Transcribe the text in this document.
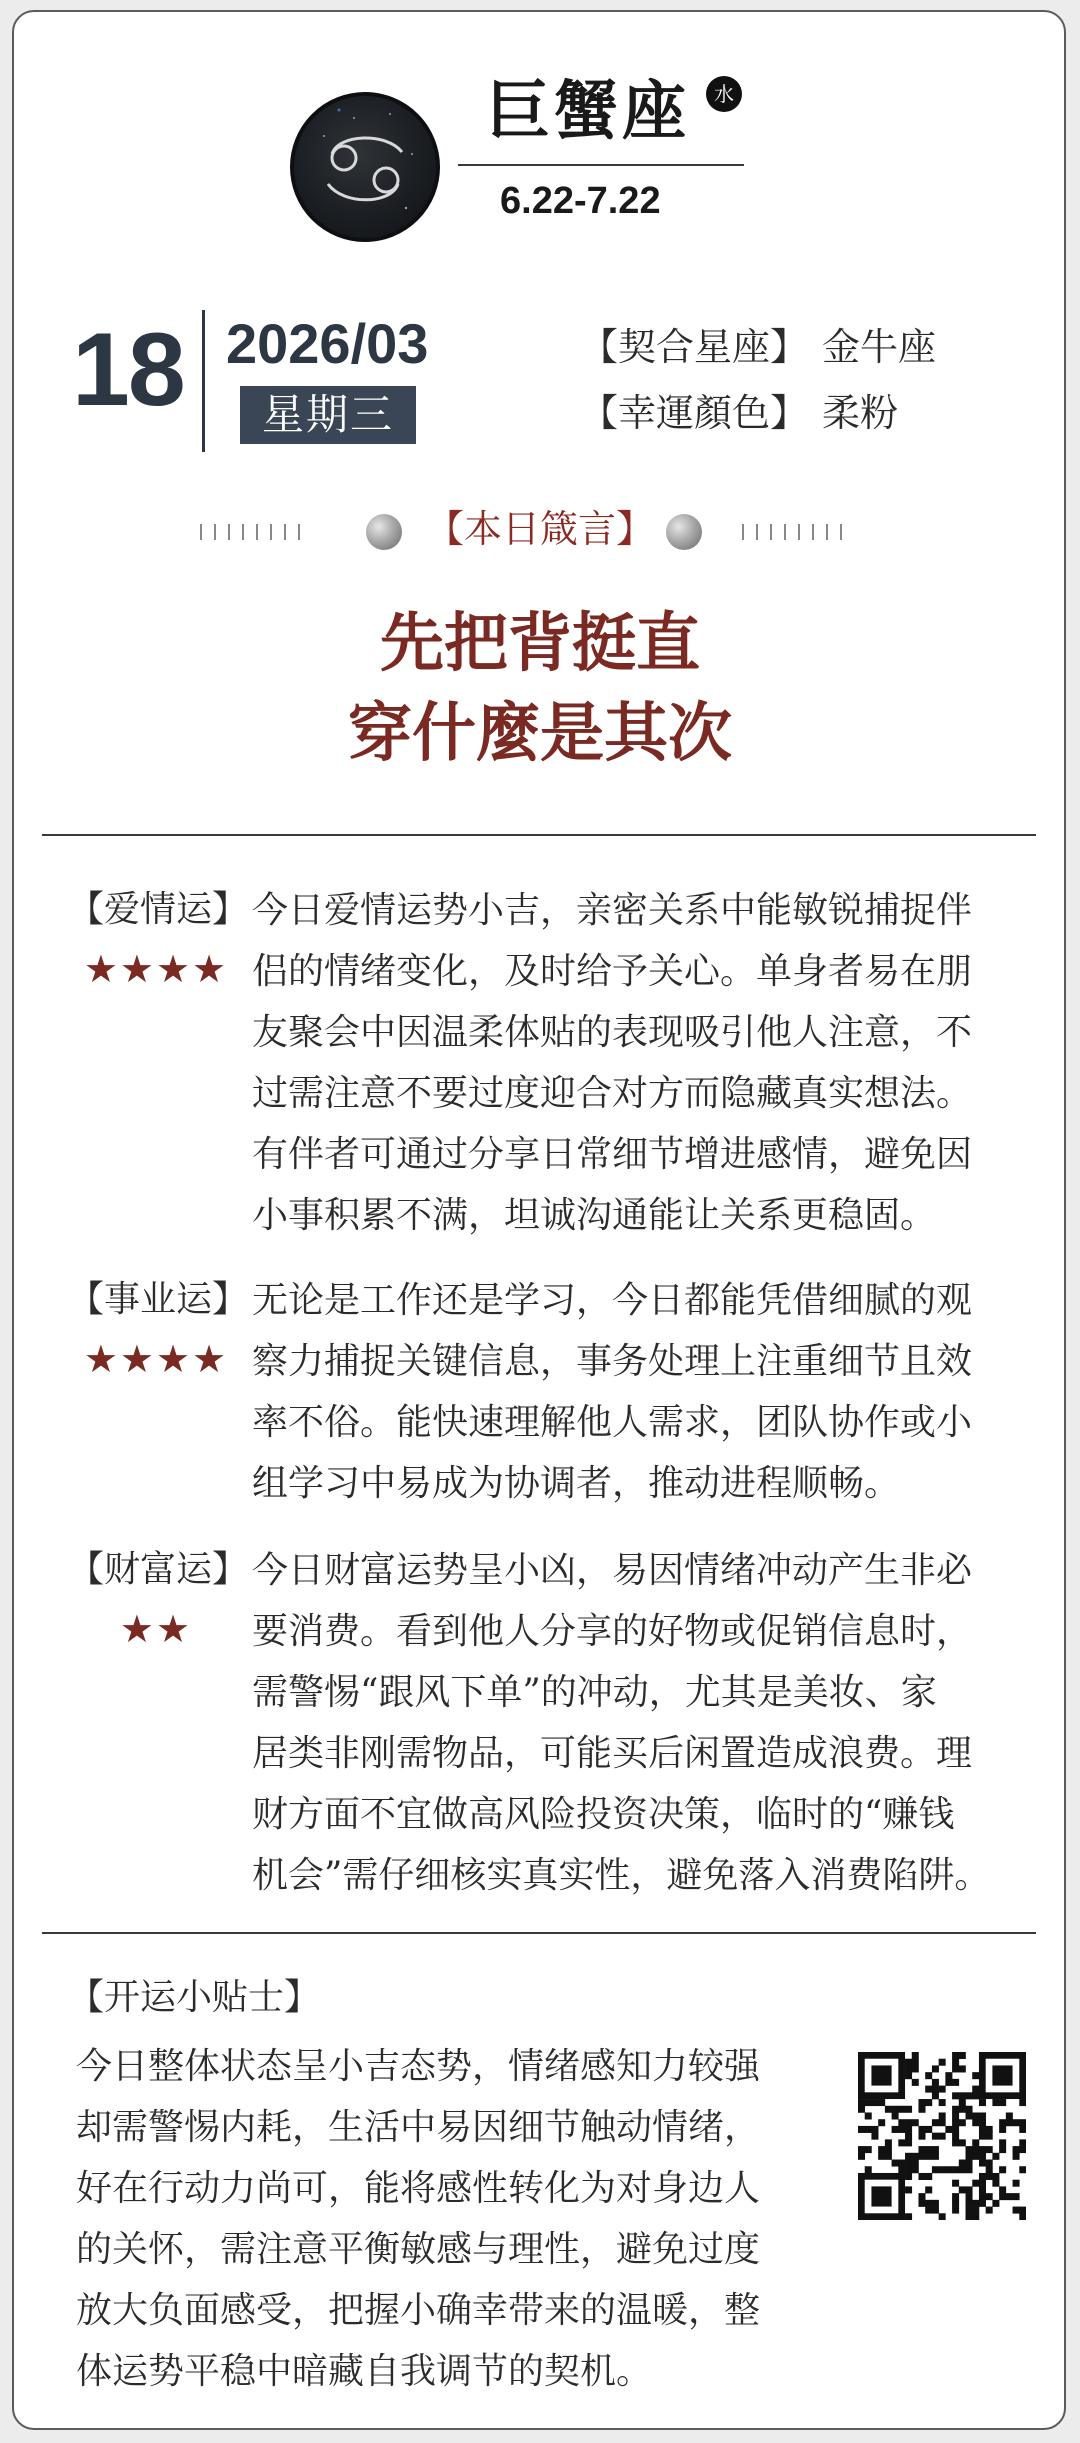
巨蟹座	水
6.22-7.22
18 2026/03
星期三
【契合星座】 金牛座
【幸運顏色】 柔粉
【本日箴言】
先把背挺直
穿什麼是其次
【爱情运】
★★★★

今日爱情运势小吉，亲密关系中能敏锐捕捉伴

侣的情绪变化，及时给予关心。单身者易在朋

友聚会中因温柔体贴的表现吸引他人注意，不

过需注意不要过度迎合对方而隐藏真实想法。

有伴者可通过分享日常细节增进感情，避免因

小事积累不满，坦诚沟通能让关系更稳固。

【事业运】
★★★★

无论是工作还是学习，今日都能凭借细腻的观

察力捕捉关键信息，事务处理上注重细节且效

率不俗。能快速理解他人需求，团队协作或小

组学习中易成为协调者，推动进程顺畅。

【财富运】
★★

今日财富运势呈小凶，易因情绪冲动产生非必

要消费。看到他人分享的好物或促销信息时，

需警惕“跟风下单”的冲动，尤其是美妆、家

居类非刚需物品，可能买后闲置造成浪费。理

财方面不宜做高风险投资决策，临时的“赚钱

机会”需仔细核实真实性，避免落入消费陷阱。

【开运小贴士】

今日整体状态呈小吉态势，情绪感知力较强

却需警惕内耗，生活中易因细节触动情绪，

好在行动力尚可，能将感性转化为对身边人

的关怀，需注意平衡敏感与理性，避免过度

放大负面感受，把握小确幸带来的温暖，整

体运势平稳中暗藏自我调节的契机。
